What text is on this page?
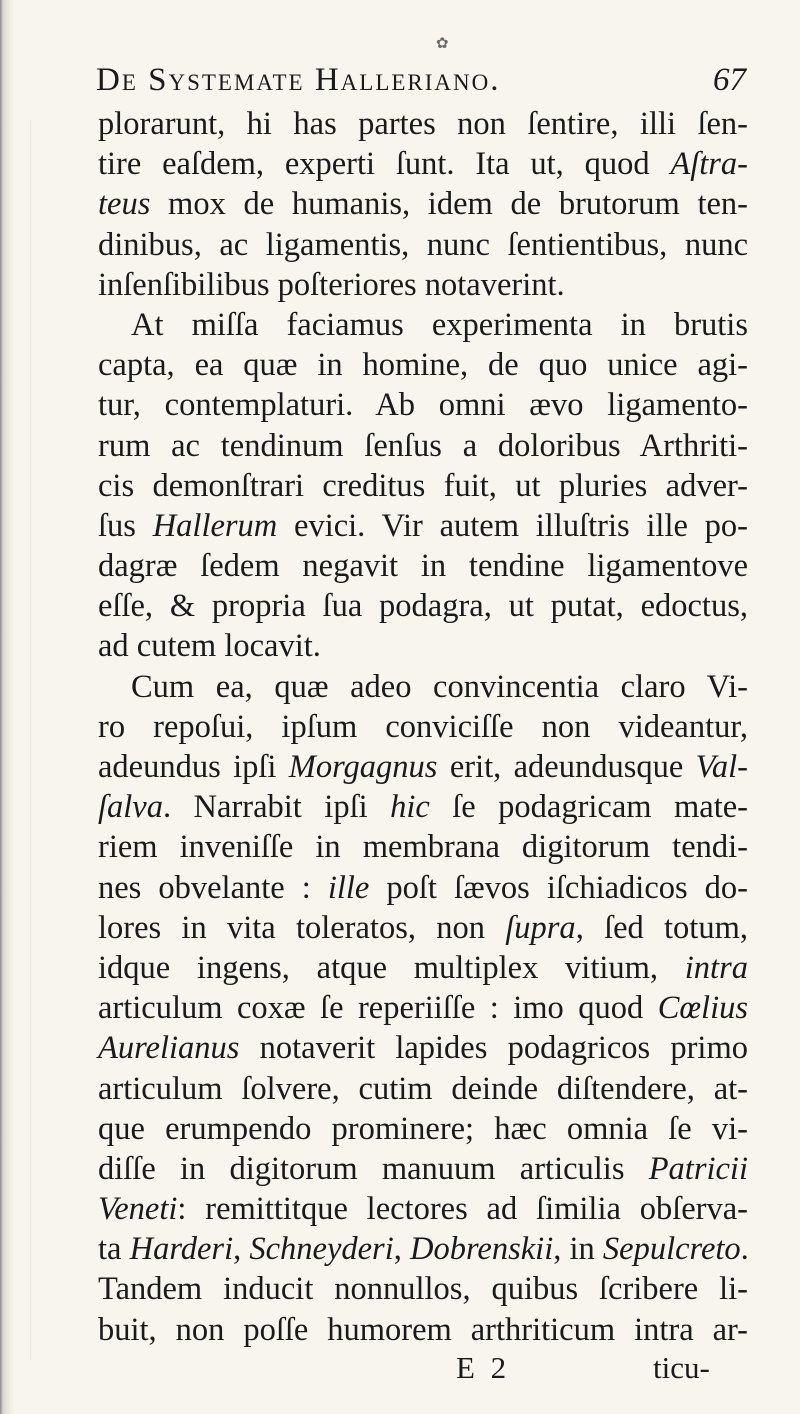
✿
De Systemate Halleriano.	67
plorarunt, hi has partes non ſentire, illi ſen-
tire eaſdem, experti ſunt. Ita ut, quod Aſtra-
teus mox de humanis, idem de brutorum ten-
dinibus, ac ligamentis, nunc ſentientibus, nunc
inſenſibilibus poſteriores notaverint.
At miſſa faciamus experimenta in brutis
capta, ea quæ in homine, de quo unice agi-
tur, contemplaturi. Ab omni ævo ligamento-
rum ac tendinum ſenſus a doloribus Arthriti-
cis demonſtrari creditus fuit, ut pluries adver-
ſus Hallerum evici. Vir autem illuſtris ille po-
dagræ ſedem negavit in tendine ligamentove
eſſe, & propria ſua podagra, ut putat, edoctus,
ad cutem locavit.
Cum ea, quæ adeo convincentia claro Vi-
ro repoſui, ipſum conviciſſe non videantur,
adeundus ipſi Morgagnus erit, adeundusque Val-
ſalva. Narrabit ipſi hic ſe podagricam mate-
riem inveniſſe in membrana digitorum tendi-
nes obvelante : ille poſt ſævos iſchiadicos do-
lores in vita toleratos, non ſupra, ſed totum,
idque ingens, atque multiplex vitium, intra
articulum coxæ ſe reperiiſſe : imo quod Cœlius
Aurelianus notaverit lapides podagricos primo
articulum ſolvere, cutim deinde diſtendere, at-
que erumpendo prominere; hæc omnia ſe vi-
diſſe in digitorum manuum articulis Patricii
Veneti: remittitque lectores ad ſimilia obſerva-
ta Harderi, Schneyderi, Dobrenskii, in Sepulcreto.
Tandem inducit nonnullos, quibus ſcribere li-
buit, non poſſe humorem arthriticum intra ar-
E 2	ticu-
